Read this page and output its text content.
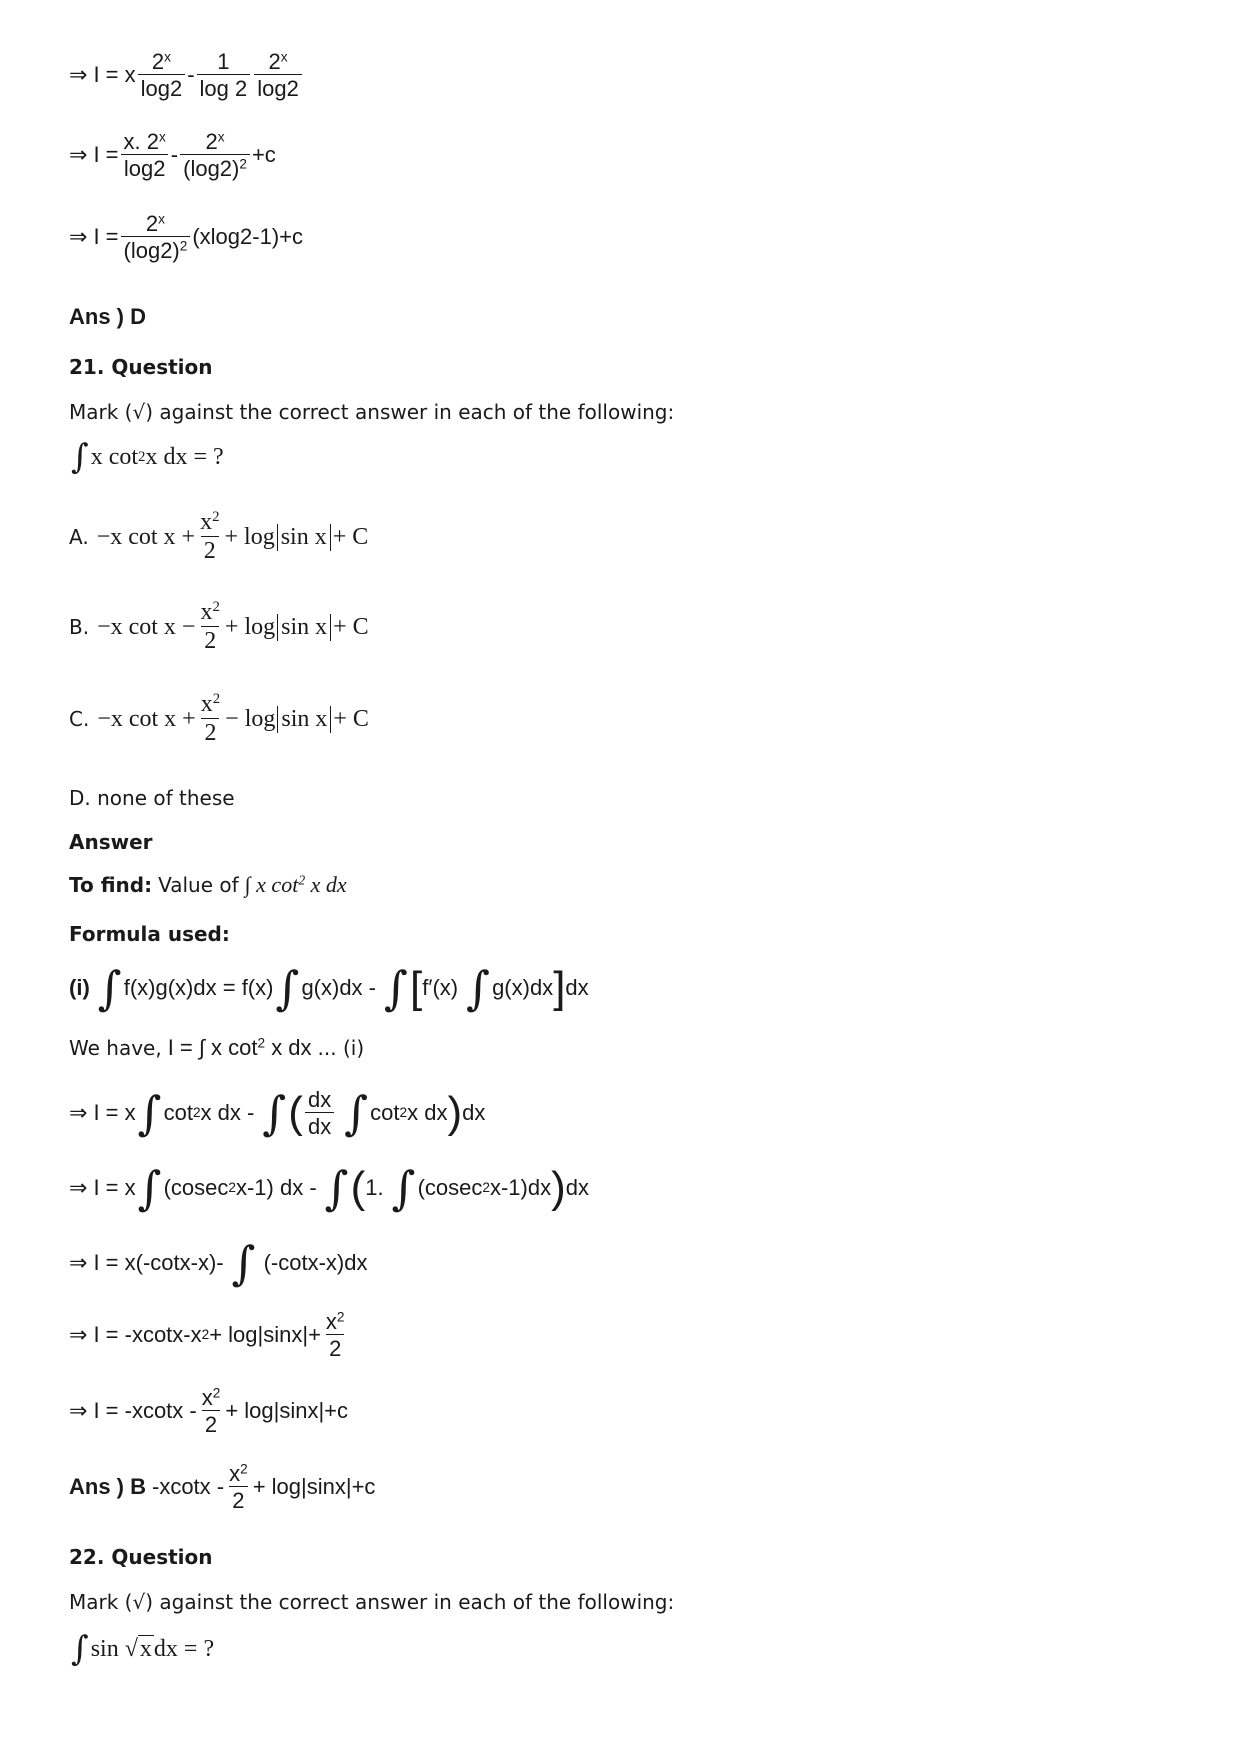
⇒ I = x $\frac{2^x}{\log 2} - \frac{1}{\log 2} \frac{2^x}{\log 2}$
⇒ $I = \frac{x. 2^x}{\log 2} - \frac{2^x}{(\log 2)^2} +c$
⇒ $I = \frac{2^x}{(\log 2)^2} (xlog2-1)+c$
Ans ) D
21. Question
Mark (√) against the correct answer in each of the following:
∫ x cot 2 x dx = ?
A. −x $\cot x + \frac{x^2}{2} + \log \sin x + C$
B. −x $\cot x - \frac{x^2}{2} + \log \sin x + C$
C. −x $\cot x + \frac{x^2}{2} - \log \sin x + C$
D. none of these
Answer
To find: Value of ∫ x $\cot^2 x$ dx
Formula used:
(i) ∫ f(x)g(x)dx = f(x) ∫ g(x)dx - ∫ [ f′(x) ∫ g(x)dx ] dx
We have, I = ∫ x $\cot^2 x$ dx ... (i)
⇒ I = x ∫ cot 2 x dx - ∫ ( $\frac{dx}{dx}$ ∫ cot 2 x dx ) dx
⇒ I = x ∫ (cosec 2 x-1) dx - ∫ ( 1. ∫ (cosec 2 x-1)dx ) dx
⇒ I = x(-cotx-x)- ∫ (-cotx-x)dx
⇒ I = -xcotx-x $2 + \log|\sin x|+ \frac{x^2}{2}$
⇒ $I = -xcotx - \frac{x^2}{2} + \log|\sin x|+c$
Ans ) B $-xcotx - \frac{x^2}{2} + \log|\sin x|+c$
22. Question
Mark (√) against the correct answer in each of the following:
∫ sin √ x dx = ?
